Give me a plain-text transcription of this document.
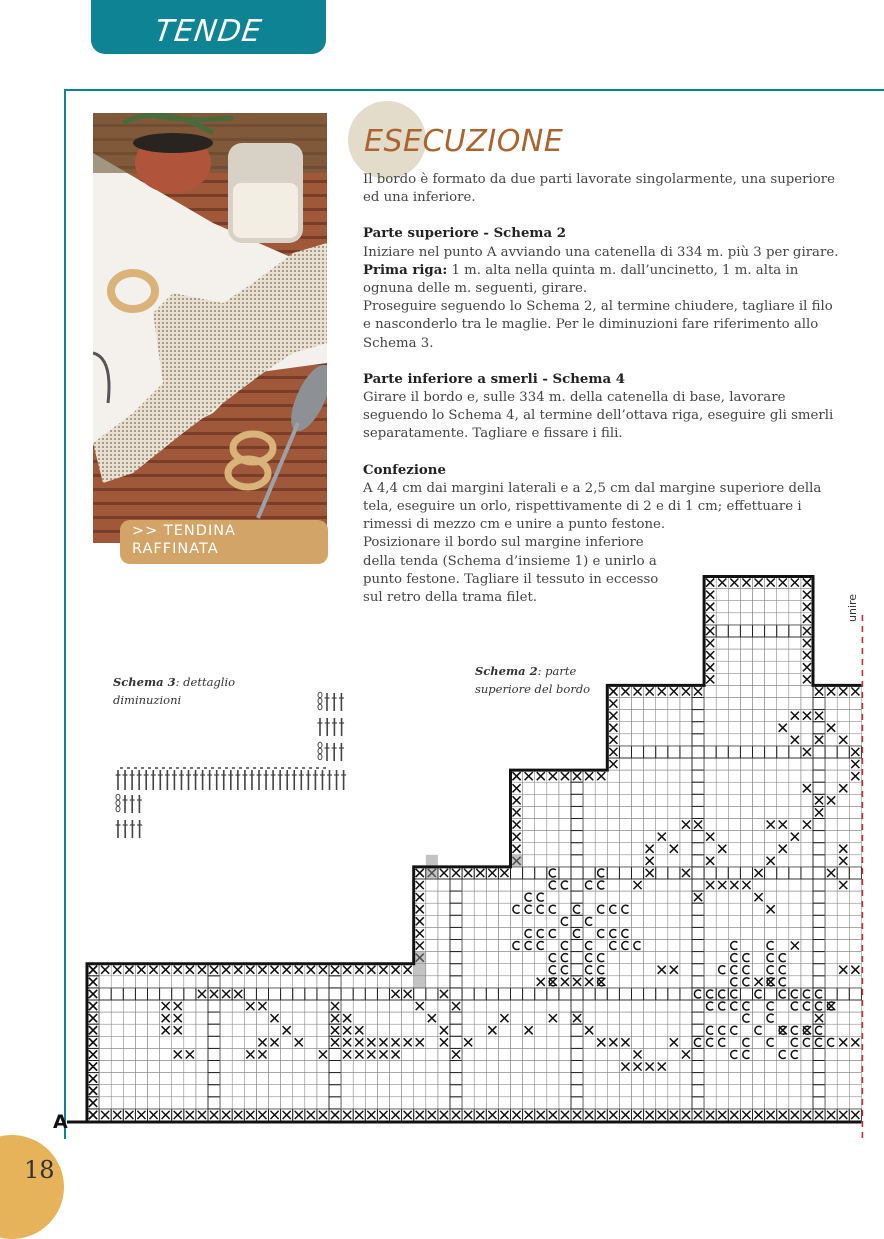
TENDE
>> TENDINA
RAFFINATA
ESECUZIONE

Il bordo è formato da due parti lavorate singolarmente, una superiore ed una inferiore.

Parte superiore - Schema 2

Iniziare nel punto A avviando una catenella di 334 m. più 3 per girare.

Prima riga: 1 m. alta nella quinta m. dall’uncinetto, 1 m. alta in ognuna delle m. seguenti, girare.

Proseguire seguendo lo Schema 2, al termine chiudere, tagliare il filo e nasconderlo tra le maglie. Per le diminuzioni fare riferimento allo Schema 3.

Parte inferiore a smerli - Schema 4

Girare il bordo e, sulle 334 m. della catenella di base, lavorare seguendo lo Schema 4, al termine dell’ottava riga, eseguire gli smerli separatamente. Tagliare e fissare i fili.

Confezione

A 4,4 cm dai margini laterali e a 2,5 cm dal margine superiore della tela, eseguire un orlo, rispettivamente di 2 e di 1 cm; effettuare i rimessi di mezzo cm e unire a punto festone.

Posizionare il bordo sul margine inferiore della tenda (Schema d’insieme 1) e unirlo a punto festone. Tagliare il tessuto in eccesso sul retro della trama filet.

Schema 3: dettaglio
diminuzioni
Schema 2: parte
superiore del bordo
unire
A
18
